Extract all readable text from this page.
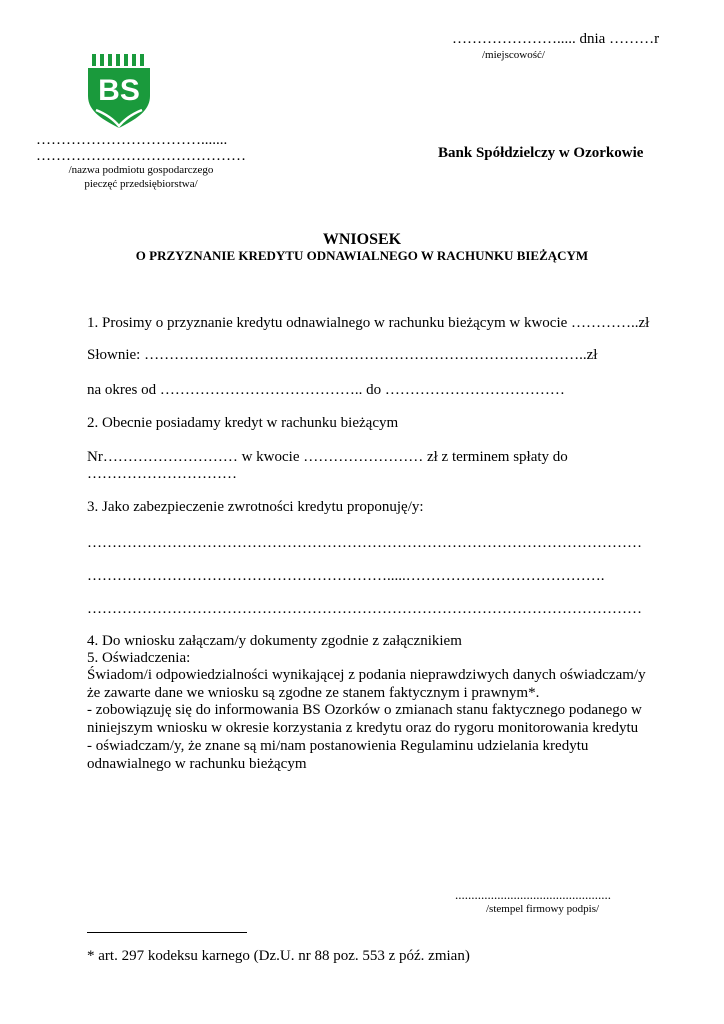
…………………..... dnia ………r
/miejscowość/
BS
…………………………….......
……………………………………
/nazwa podmiotu gospodarczego
pieczęć przedsiębiorstwa/
Bank Spółdzielczy w Ozorkowie
WNIOSEK
O PRZYZNANIE KREDYTU ODNAWIALNEGO W RACHUNKU BIEŻĄCYM
1. Prosimy o przyznanie kredytu odnawialnego w rachunku bieżącym w kwocie …………..zł
Słownie: ……………………………………………………………………………..zł
na okres od ………………………………….. do ………………………………
2. Obecnie posiadamy kredyt w rachunku bieżącym
Nr……………………… w kwocie …………………… zł z terminem spłaty do
…………………………
3. Jako zabezpieczenie zwrotności kredytu proponuję/y:
…………………………………………………………………………………………………
…………………………………………………….....………………………………….
…………………………………………………………………………………………………
4. Do wniosku załączam/y dokumenty zgodnie z załącznikiem
5. Oświadczenia:
Świadom/i odpowiedzialności wynikającej z podania nieprawdziwych danych oświadczam/y
że zawarte dane we wniosku są zgodne ze stanem faktycznym i prawnym*.
- zobowiązuję się do informowania BS Ozorków o zmianach stanu faktycznego podanego w
niniejszym wniosku w okresie korzystania z kredytu oraz do rygoru monitorowania kredytu
- oświadczam/y, że znane są mi/nam postanowienia Regulaminu udzielania kredytu
odnawialnego w rachunku bieżącym
................................................
/stempel firmowy podpis/
* art. 297 kodeksu karnego (Dz.U. nr 88 poz. 553 z póź. zmian)
